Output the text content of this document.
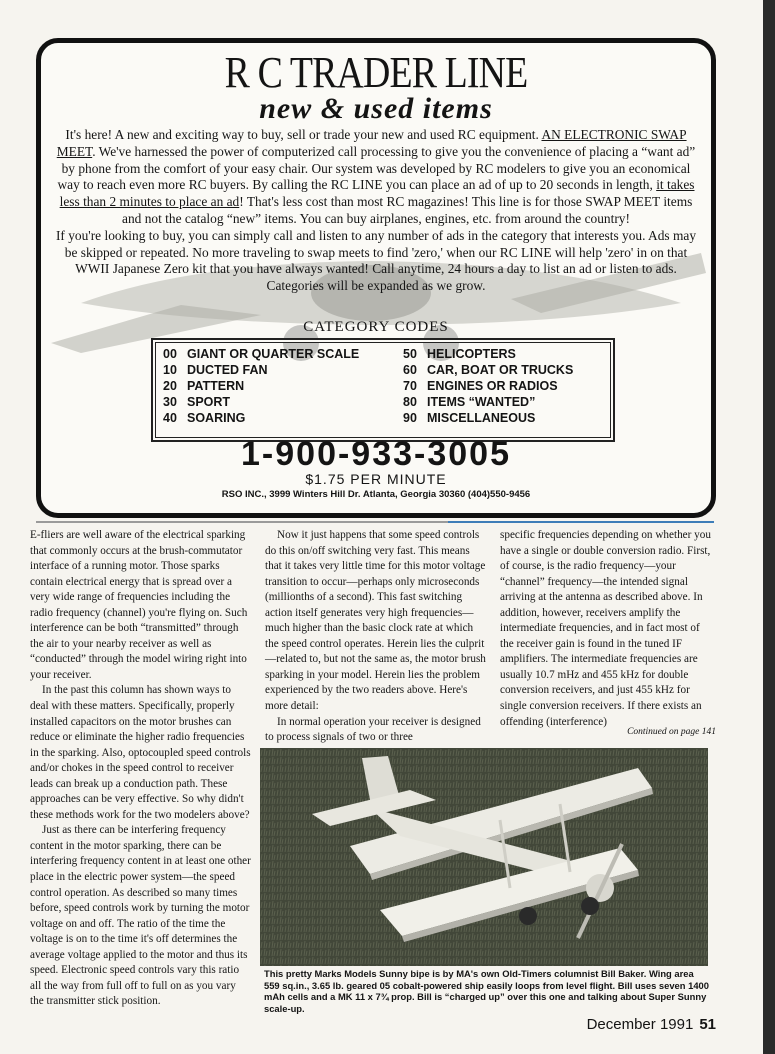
R C TRADER LINE
new & used items
It's here! A new and exciting way to buy, sell or trade your new and used RC equipment. AN ELECTRONIC SWAP MEET. We've harnessed the power of computerized call processing to give you the convenience of placing a “want ad” by phone from the comfort of your easy chair. Our system was developed by RC modelers to give you an economical way to reach even more RC buyers. By calling the RC LINE you can place an ad of up to 20 seconds in length, it takes less than 2 minutes to place an ad! That's less cost than most RC magazines! This line is for those SWAP MEET items and not the catalog “new” items. You can buy airplanes, engines, etc. from around the country!
If you're looking to buy, you can simply call and listen to any number of ads in the category that interests you. Ads may be skipped or repeated. No more traveling to swap meets to find 'zero,' when our RC LINE will help 'zero' in on that WWII Japanese Zero kit that you have always wanted! Call anytime, 24 hours a day to list an ad or listen to ads. Categories will be expanded as we grow.
CATEGORY CODES
00 GIANT OR QUARTER SCALE
10 DUCTED FAN
20 PATTERN
30 SPORT
40 SOARING
50 HELICOPTERS
60 CAR, BOAT OR TRUCKS
70 ENGINES OR RADIOS
80 ITEMS “WANTED”
90 MISCELLANEOUS
1-900-933-3005
$1.75 PER MINUTE
RSO INC., 3999 Winters Hill Dr. Atlanta, Georgia 30360 (404)550-9456

E-fliers are well aware of the electrical sparking that commonly occurs at the brush-commutator interface of a running motor. Those sparks contain electrical energy that is spread over a very wide range of frequencies including the radio frequency (channel) you're flying on. Such interference can be both “transmitted” through the air to your nearby receiver as well as “conducted” through the model wiring right into your receiver.

In the past this column has shown ways to deal with these matters. Specifically, properly installed capacitors on the motor brushes can reduce or eliminate the higher radio frequencies in the sparking. Also, optocoupled speed controls and/or chokes in the speed control to receiver leads can break up a conduction path. These approaches can be very effective. So why didn't these methods work for the two modelers above?

Just as there can be interfering frequency content in the motor sparking, there can be interfering frequency content in at least one other place in the electric power system—the speed control operation. As described so many times before, speed controls work by turning the motor voltage on and off. The ratio of the time the voltage is on to the time it's off determines the average voltage applied to the motor and thus its speed. Electronic speed controls vary this ratio all the way from full off to full on as you vary the transmitter stick position.

Now it just happens that some speed controls do this on/off switching very fast. This means that it takes very little time for this motor voltage transition to occur—perhaps only microseconds (millionths of a second). This fast switching action itself generates very high frequencies—much higher than the basic clock rate at which the speed control operates. Herein lies the culprit—related to, but not the same as, the motor brush sparking in your model. Herein lies the problem experienced by the two readers above. Here's more detail:

In normal operation your receiver is designed to process signals of two or three

specific frequencies depending on whether you have a single or double conversion radio. First, of course, is the radio frequency—your “channel” frequency—the intended signal arriving at the antenna as described above. In addition, however, receivers amplify the intermediate frequencies, and in fact most of the receiver gain is found in the tuned IF amplifiers. The intermediate frequencies are usually 10.7 mHz and 455 kHz for double conversion receivers, and just 455 kHz for single conversion receivers. If there exists an offending (interference)

Continued on page 141
This pretty Marks Models Sunny bipe is by MA's own Old-Timers columnist Bill Baker. Wing area 559 sq.in., 3.65 lb. geared 05 cobalt-powered ship easily loops from level flight. Bill uses seven 1400 mAh cells and a MK 11 x 7¾ prop. Bill is “charged up” over this one and talking about Super Sunny scale-up.
December 1991 51
